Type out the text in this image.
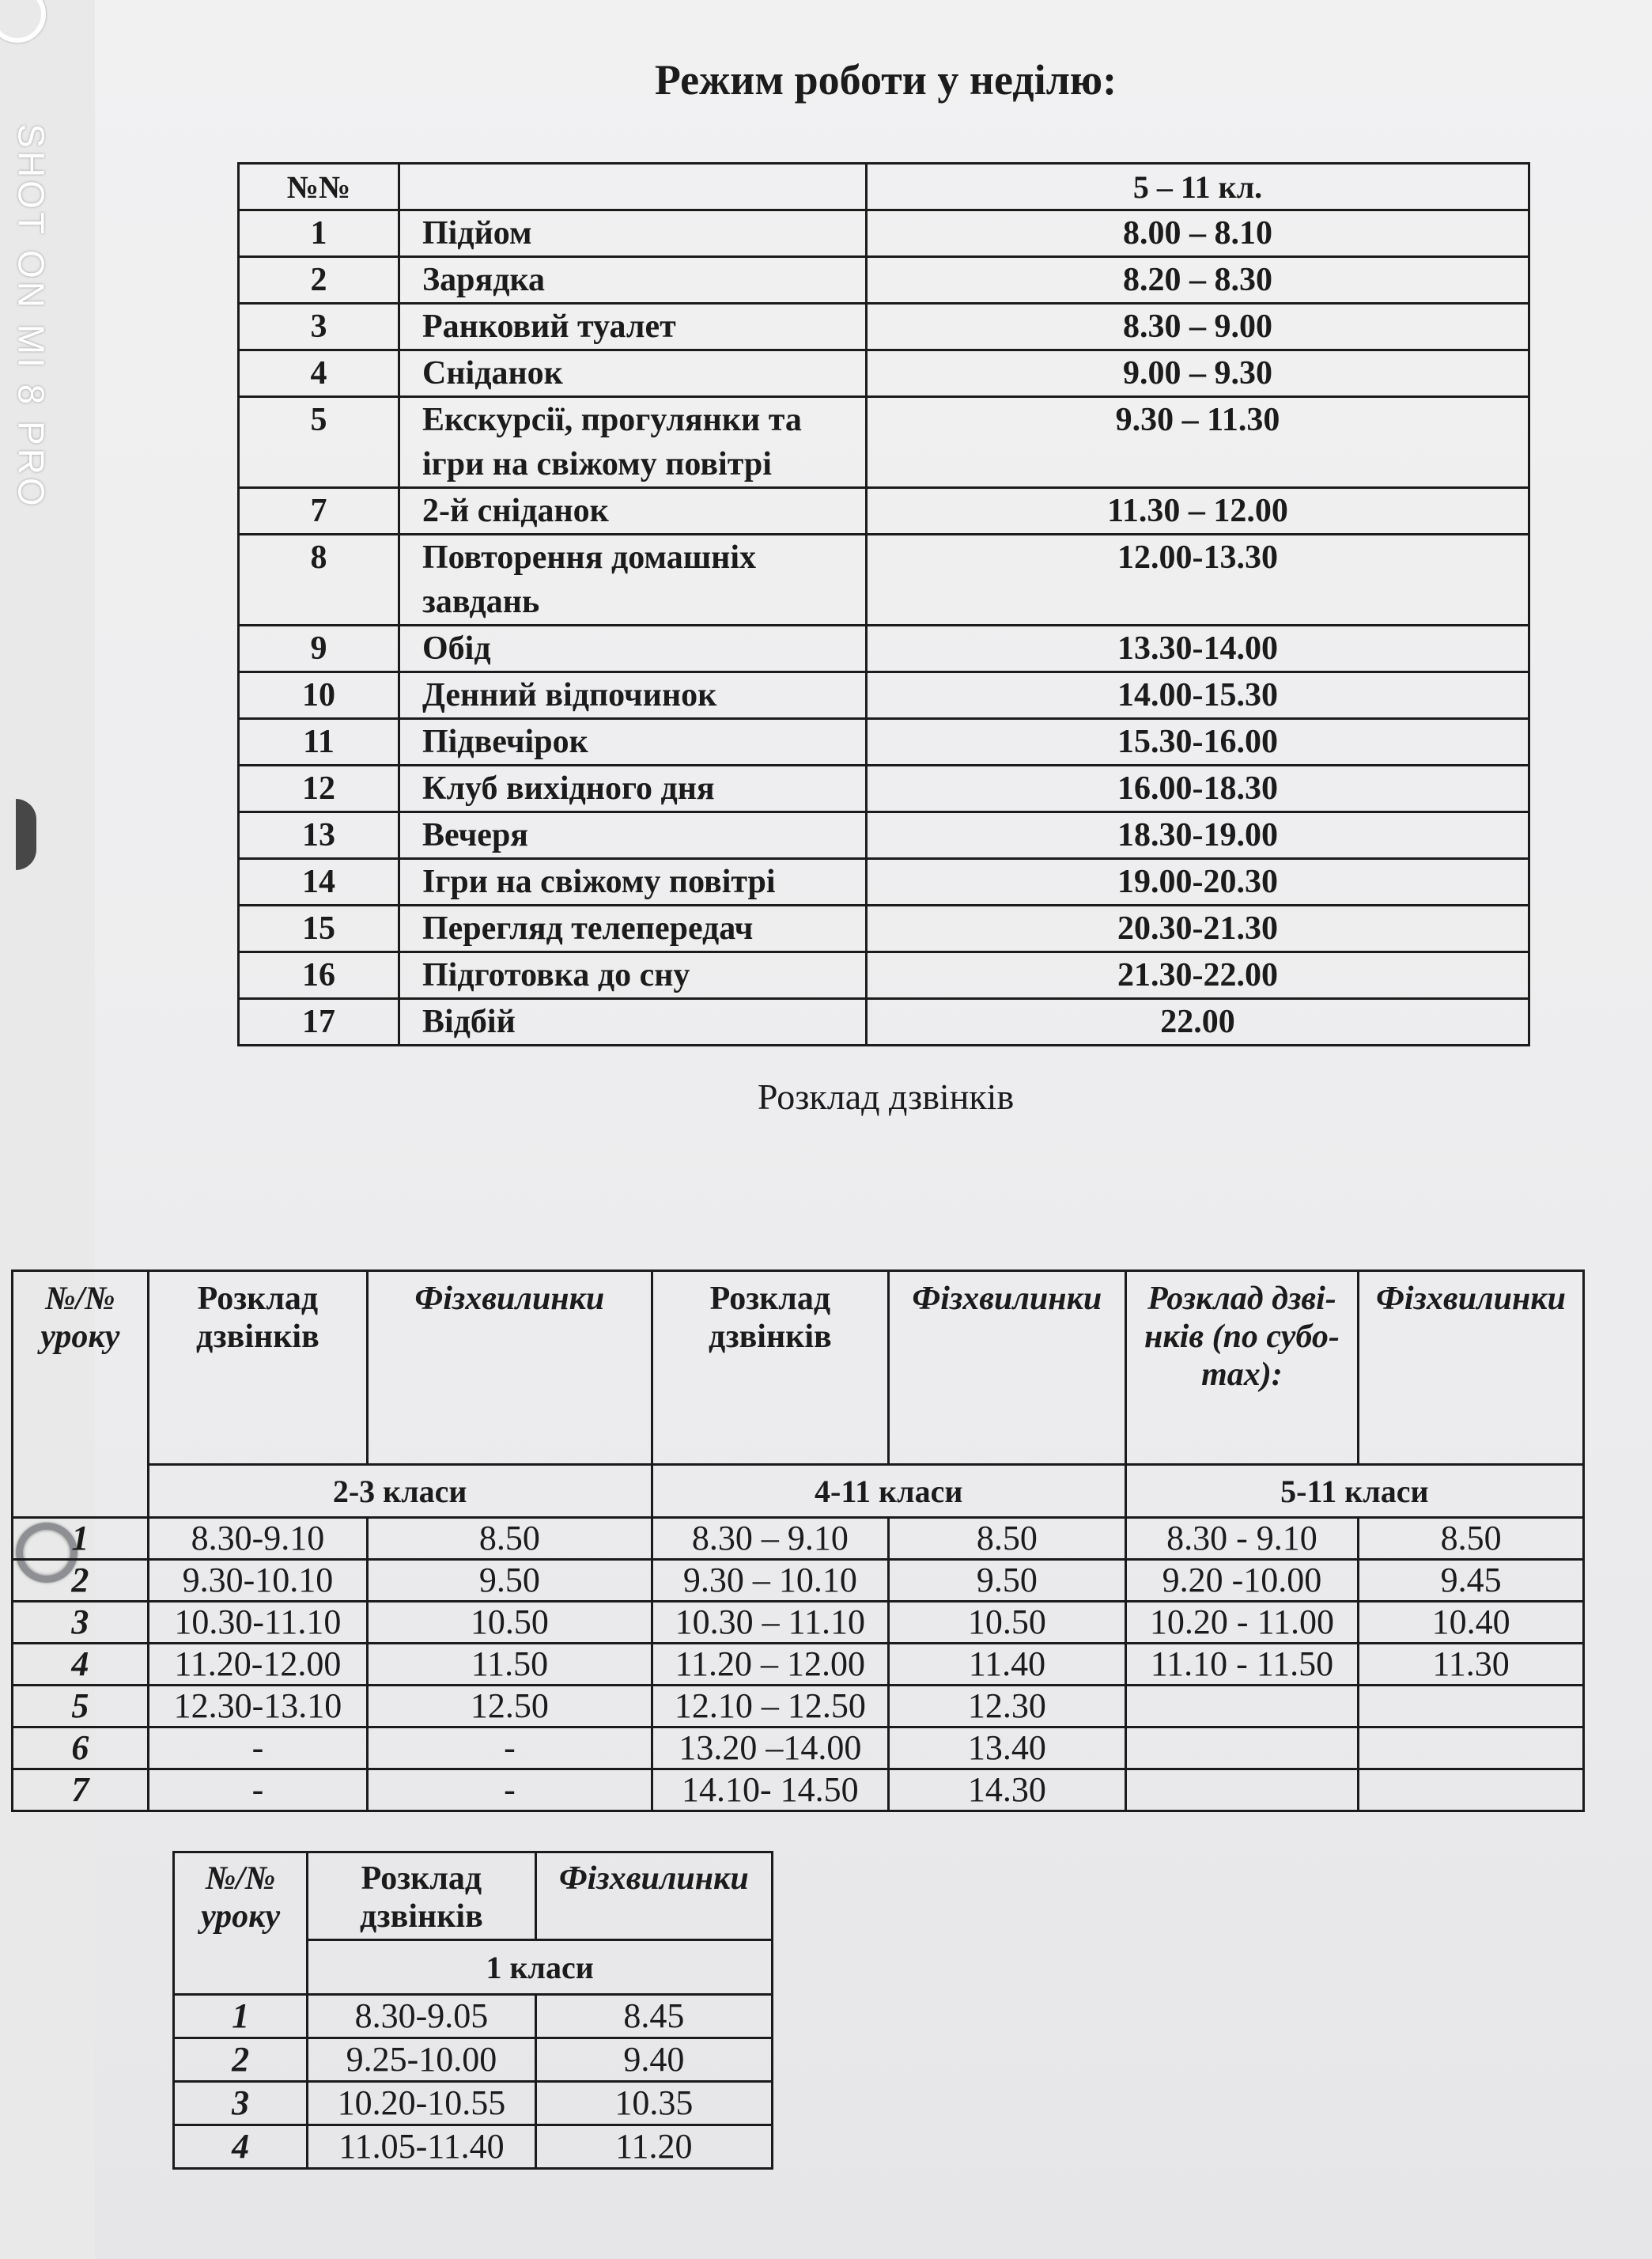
SHOT ON MI 8 PRO
Режим роботи у неділю:
№№		5 – 11 кл.
1	Підйом	8.00 – 8.10
2	Зарядка	8.20 – 8.30
3	Ранковий туалет	8.30 – 9.00
4	Сніданок	9.00 – 9.30
5	Екскурсії, прогулянки та ігри на свіжому повітрі	9.30 – 11.30
7	2-й сніданок	11.30 – 12.00
8	Повторення домашніх завдань	12.00-13.30
9	Обід	13.30-14.00
10	Денний відпочинок	14.00-15.30
11	Підвечірок	15.30-16.00
12	Клуб вихідного дня	16.00-18.30
13	Вечеря	18.30-19.00
14	Ігри на свіжому повітрі	19.00-20.30
15	Перегляд телепередач	20.30-21.30
16	Підготовка до сну	21.30-22.00
17	Відбій	22.00
Розклад дзвінків
№/№ уроку	Розклад дзвінків	Фізхвилинки	Розклад дзвінків	Фізхвилинки	Розклад дзві-нків (по субо-тах):	Фізхвилинки
	2-3 класи		4-11 класи		5-11 класи	
1	8.30-9.10	8.50	8.30 – 9.10	8.50	8.30 - 9.10	8.50
2	9.30-10.10	9.50	9.30 – 10.10	9.50	9.20 -10.00	9.45
3	10.30-11.10	10.50	10.30 – 11.10	10.50	10.20 - 11.00	10.40
4	11.20-12.00	11.50	11.20 – 12.00	11.40	11.10 - 11.50	11.30
5	12.30-13.10	12.50	12.10 – 12.50	12.30		
6	-	-	13.20 –14.00	13.40		
7	-	-	14.10- 14.50	14.30		
№/№ уроку	Розклад дзвінків	Фізхвилинки
	1 класи	
1	8.30-9.05	8.45
2	9.25-10.00	9.40
3	10.20-10.55	10.35
4	11.05-11.40	11.20
